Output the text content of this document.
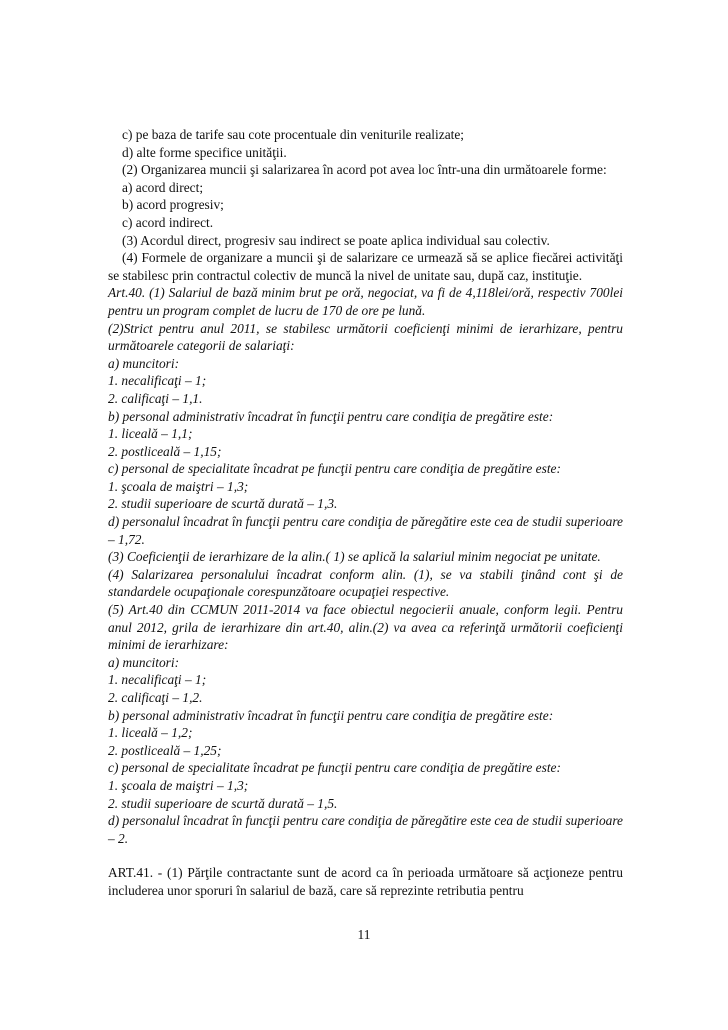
c) pe baza de tarife sau cote procentuale din veniturile realizate;

d) alte forme specifice unităţii.

(2) Organizarea muncii şi salarizarea în acord pot avea loc într-una din următoarele forme:

a) acord direct;

b) acord progresiv;

c) acord indirect.

(3) Acordul direct, progresiv sau indirect se poate aplica individual sau colectiv.

(4) Formele de organizare a muncii şi de salarizare ce urmează să se aplice fiecărei activităţi se stabilesc prin contractul colectiv de muncă la nivel de unitate sau, după caz, instituţie.

Art.40. (1) Salariul de bază minim brut pe oră, negociat, va fi de 4,118lei/oră, respectiv 700lei pentru un program complet de lucru de 170 de ore pe lună.

(2)Strict pentru anul 2011, se stabilesc următorii coeficienţi minimi de ierarhizare, pentru următoarele categorii de salariaţi:

a) muncitori:

1. necalificaţi – 1;

2. calificaţi – 1,1.

b) personal administrativ încadrat în funcţii pentru care condiţia de pregătire este:

1. liceală – 1,1;

2. postliceală – 1,15;

c) personal de specialitate încadrat pe funcţii pentru care condiţia de pregătire este:

1. şcoala de maiştri – 1,3;

2. studii superioare de scurtă durată – 1,3.

d) personalul încadrat în funcţii pentru care condiţia de păregătire este cea de studii superioare – 1,72.

(3) Coeficienţii de ierarhizare de la alin.( 1) se aplică la salariul minim negociat pe unitate.

(4) Salarizarea personalului încadrat conform alin. (1), se va stabili ţinând cont şi de standardele ocupaţionale corespunzătoare ocupaţiei respective.

(5) Art.40 din CCMUN 2011-2014 va face obiectul negocierii anuale, conform legii. Pentru anul 2012, grila de ierarhizare din art.40, alin.(2) va avea ca referinţă următorii coeficienţi minimi de ierarhizare:

a) muncitori:

1. necalificaţi – 1;

2. calificaţi – 1,2.

b) personal administrativ încadrat în funcţii pentru care condiţia de pregătire este:

1. liceală – 1,2;

2. postliceală – 1,25;

c) personal de specialitate încadrat pe funcţii pentru care condiţia de pregătire este:

1. şcoala de maiştri – 1,3;

2. studii superioare de scurtă durată – 1,5.

d) personalul încadrat în funcţii pentru care condiţia de păregătire este cea de studii superioare – 2.

ART.41. - (1) Părţile contractante sunt de acord ca în perioada următoare să acţioneze pentru includerea unor sporuri în salariul de bază, care să reprezinte retributia pentru

11
